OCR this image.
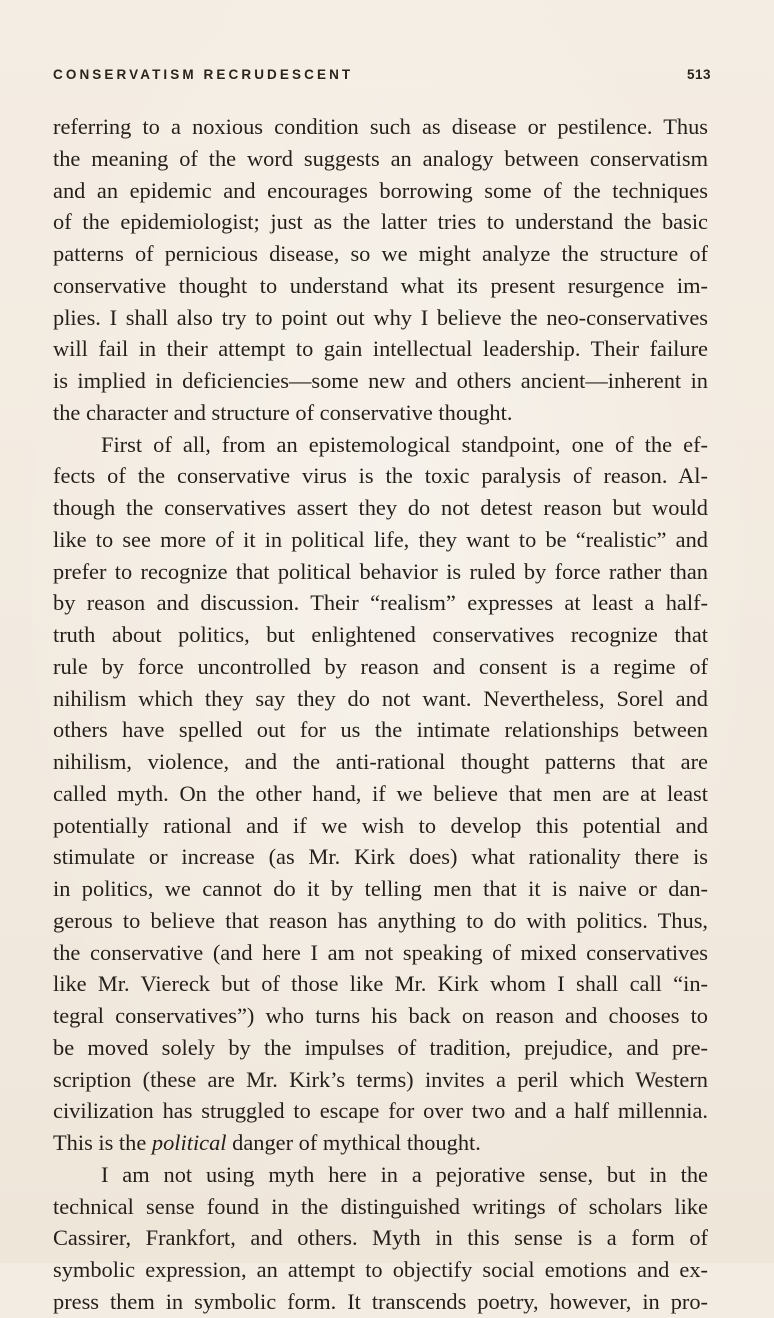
CONSERVATISM RECRUDESCENT	513

referring to a noxious condition such as disease or pestilence. Thus
the meaning of the word suggests an analogy between conservatism
and an epidemic and encourages borrowing some of the techniques
of the epidemiologist; just as the latter tries to understand the basic
patterns of pernicious disease, so we might analyze the structure of
conservative thought to understand what its present resurgence im-
plies. I shall also try to point out why I believe the neo-conservatives
will fail in their attempt to gain intellectual leadership. Their failure
is implied in deficiencies—some new and others ancient—inherent in
the character and structure of conservative thought.

First of all, from an epistemological standpoint, one of the ef-
fects of the conservative virus is the toxic paralysis of reason. Al-
though the conservatives assert they do not detest reason but would
like to see more of it in political life, they want to be “realistic” and
prefer to recognize that political behavior is ruled by force rather than
by reason and discussion. Their “realism” expresses at least a half-
truth about politics, but enlightened conservatives recognize that
rule by force uncontrolled by reason and consent is a regime of
nihilism which they say they do not want. Nevertheless, Sorel and
others have spelled out for us the intimate relationships between
nihilism, violence, and the anti-rational thought patterns that are
called myth. On the other hand, if we believe that men are at least
potentially rational and if we wish to develop this potential and
stimulate or increase (as Mr. Kirk does) what rationality there is
in politics, we cannot do it by telling men that it is naive or dan-
gerous to believe that reason has anything to do with politics. Thus,
the conservative (and here I am not speaking of mixed conservatives
like Mr. Viereck but of those like Mr. Kirk whom I shall call “in-
tegral conservatives”) who turns his back on reason and chooses to
be moved solely by the impulses of tradition, prejudice, and pre-
scription (these are Mr. Kirk’s terms) invites a peril which Western
civilization has struggled to escape for over two and a half millennia.
This is the political danger of mythical thought.

I am not using myth here in a pejorative sense, but in the
technical sense found in the distinguished writings of scholars like
Cassirer, Frankfort, and others. Myth in this sense is a form of
symbolic expression, an attempt to objectify social emotions and ex-
press them in symbolic form. It transcends poetry, however, in pro-
